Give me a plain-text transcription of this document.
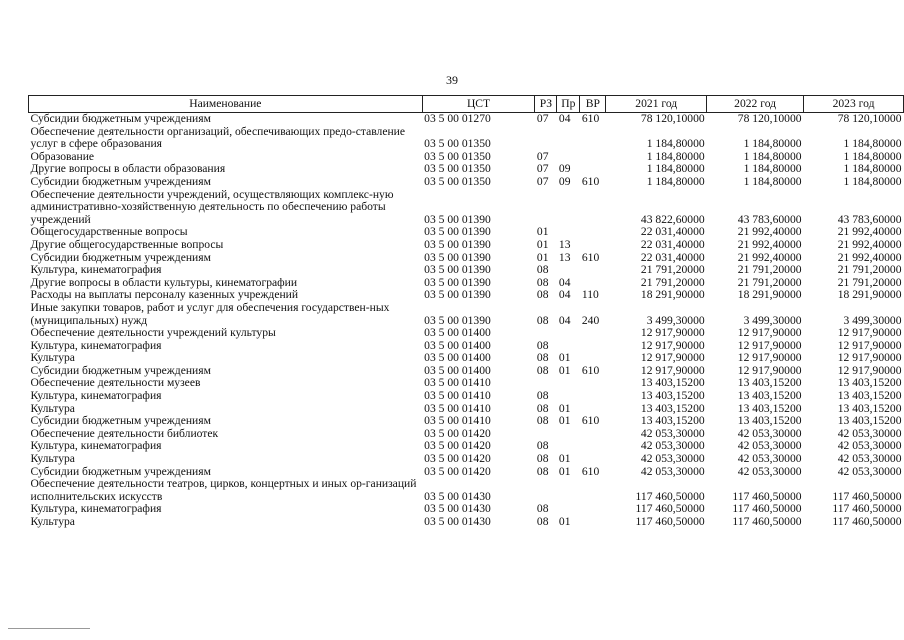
39
Наименование	ЦСТ	РЗ	Пр	ВР	2021 год	2022 год	2023 год
Субсидии бюджетным учреждениям	03 5 00 01270	07	04	610	78 120,10000	78 120,10000	78 120,10000
Обеспечение деятельности организаций, обеспечивающих предо-ставление услуг в сфере образования	03 5 00 01350				1 184,80000	1 184,80000	1 184,80000
Образование	03 5 00 01350	07			1 184,80000	1 184,80000	1 184,80000
Другие вопросы в области образования	03 5 00 01350	07	09		1 184,80000	1 184,80000	1 184,80000
Субсидии бюджетным учреждениям	03 5 00 01350	07	09	610	1 184,80000	1 184,80000	1 184,80000
Обеспечение деятельности учреждений, осуществляющих комплекс-ную административно-хозяйственную деятельность по обеспечению работы учреждений	03 5 00 01390				43 822,60000	43 783,60000	43 783,60000
Общегосударственные вопросы	03 5 00 01390	01			22 031,40000	21 992,40000	21 992,40000
Другие общегосударственные вопросы	03 5 00 01390	01	13		22 031,40000	21 992,40000	21 992,40000
Субсидии бюджетным учреждениям	03 5 00 01390	01	13	610	22 031,40000	21 992,40000	21 992,40000
Культура, кинематография	03 5 00 01390	08			21 791,20000	21 791,20000	21 791,20000
Другие вопросы в области культуры, кинематографии	03 5 00 01390	08	04		21 791,20000	21 791,20000	21 791,20000
Расходы на выплаты персоналу казенных учреждений	03 5 00 01390	08	04	110	18 291,90000	18 291,90000	18 291,90000
Иные закупки товаров, работ и услуг для обеспечения государствен-ных (муниципальных) нужд	03 5 00 01390	08	04	240	3 499,30000	3 499,30000	3 499,30000
Обеспечение деятельности учреждений культуры	03 5 00 01400				12 917,90000	12 917,90000	12 917,90000
Культура, кинематография	03 5 00 01400	08			12 917,90000	12 917,90000	12 917,90000
Культура	03 5 00 01400	08	01		12 917,90000	12 917,90000	12 917,90000
Субсидии бюджетным учреждениям	03 5 00 01400	08	01	610	12 917,90000	12 917,90000	12 917,90000
Обеспечение деятельности музеев	03 5 00 01410				13 403,15200	13 403,15200	13 403,15200
Культура, кинематография	03 5 00 01410	08			13 403,15200	13 403,15200	13 403,15200
Культура	03 5 00 01410	08	01		13 403,15200	13 403,15200	13 403,15200
Субсидии бюджетным учреждениям	03 5 00 01410	08	01	610	13 403,15200	13 403,15200	13 403,15200
Обеспечение деятельности библиотек	03 5 00 01420				42 053,30000	42 053,30000	42 053,30000
Культура, кинематография	03 5 00 01420	08			42 053,30000	42 053,30000	42 053,30000
Культура	03 5 00 01420	08	01		42 053,30000	42 053,30000	42 053,30000
Субсидии бюджетным учреждениям	03 5 00 01420	08	01	610	42 053,30000	42 053,30000	42 053,30000
Обеспечение деятельности театров, цирков, концертных и иных ор-ганизаций исполнительских искусств	03 5 00 01430				117 460,50000	117 460,50000	117 460,50000
Культура, кинематография	03 5 00 01430	08			117 460,50000	117 460,50000	117 460,50000
Культура	03 5 00 01430	08	01		117 460,50000	117 460,50000	117 460,50000
